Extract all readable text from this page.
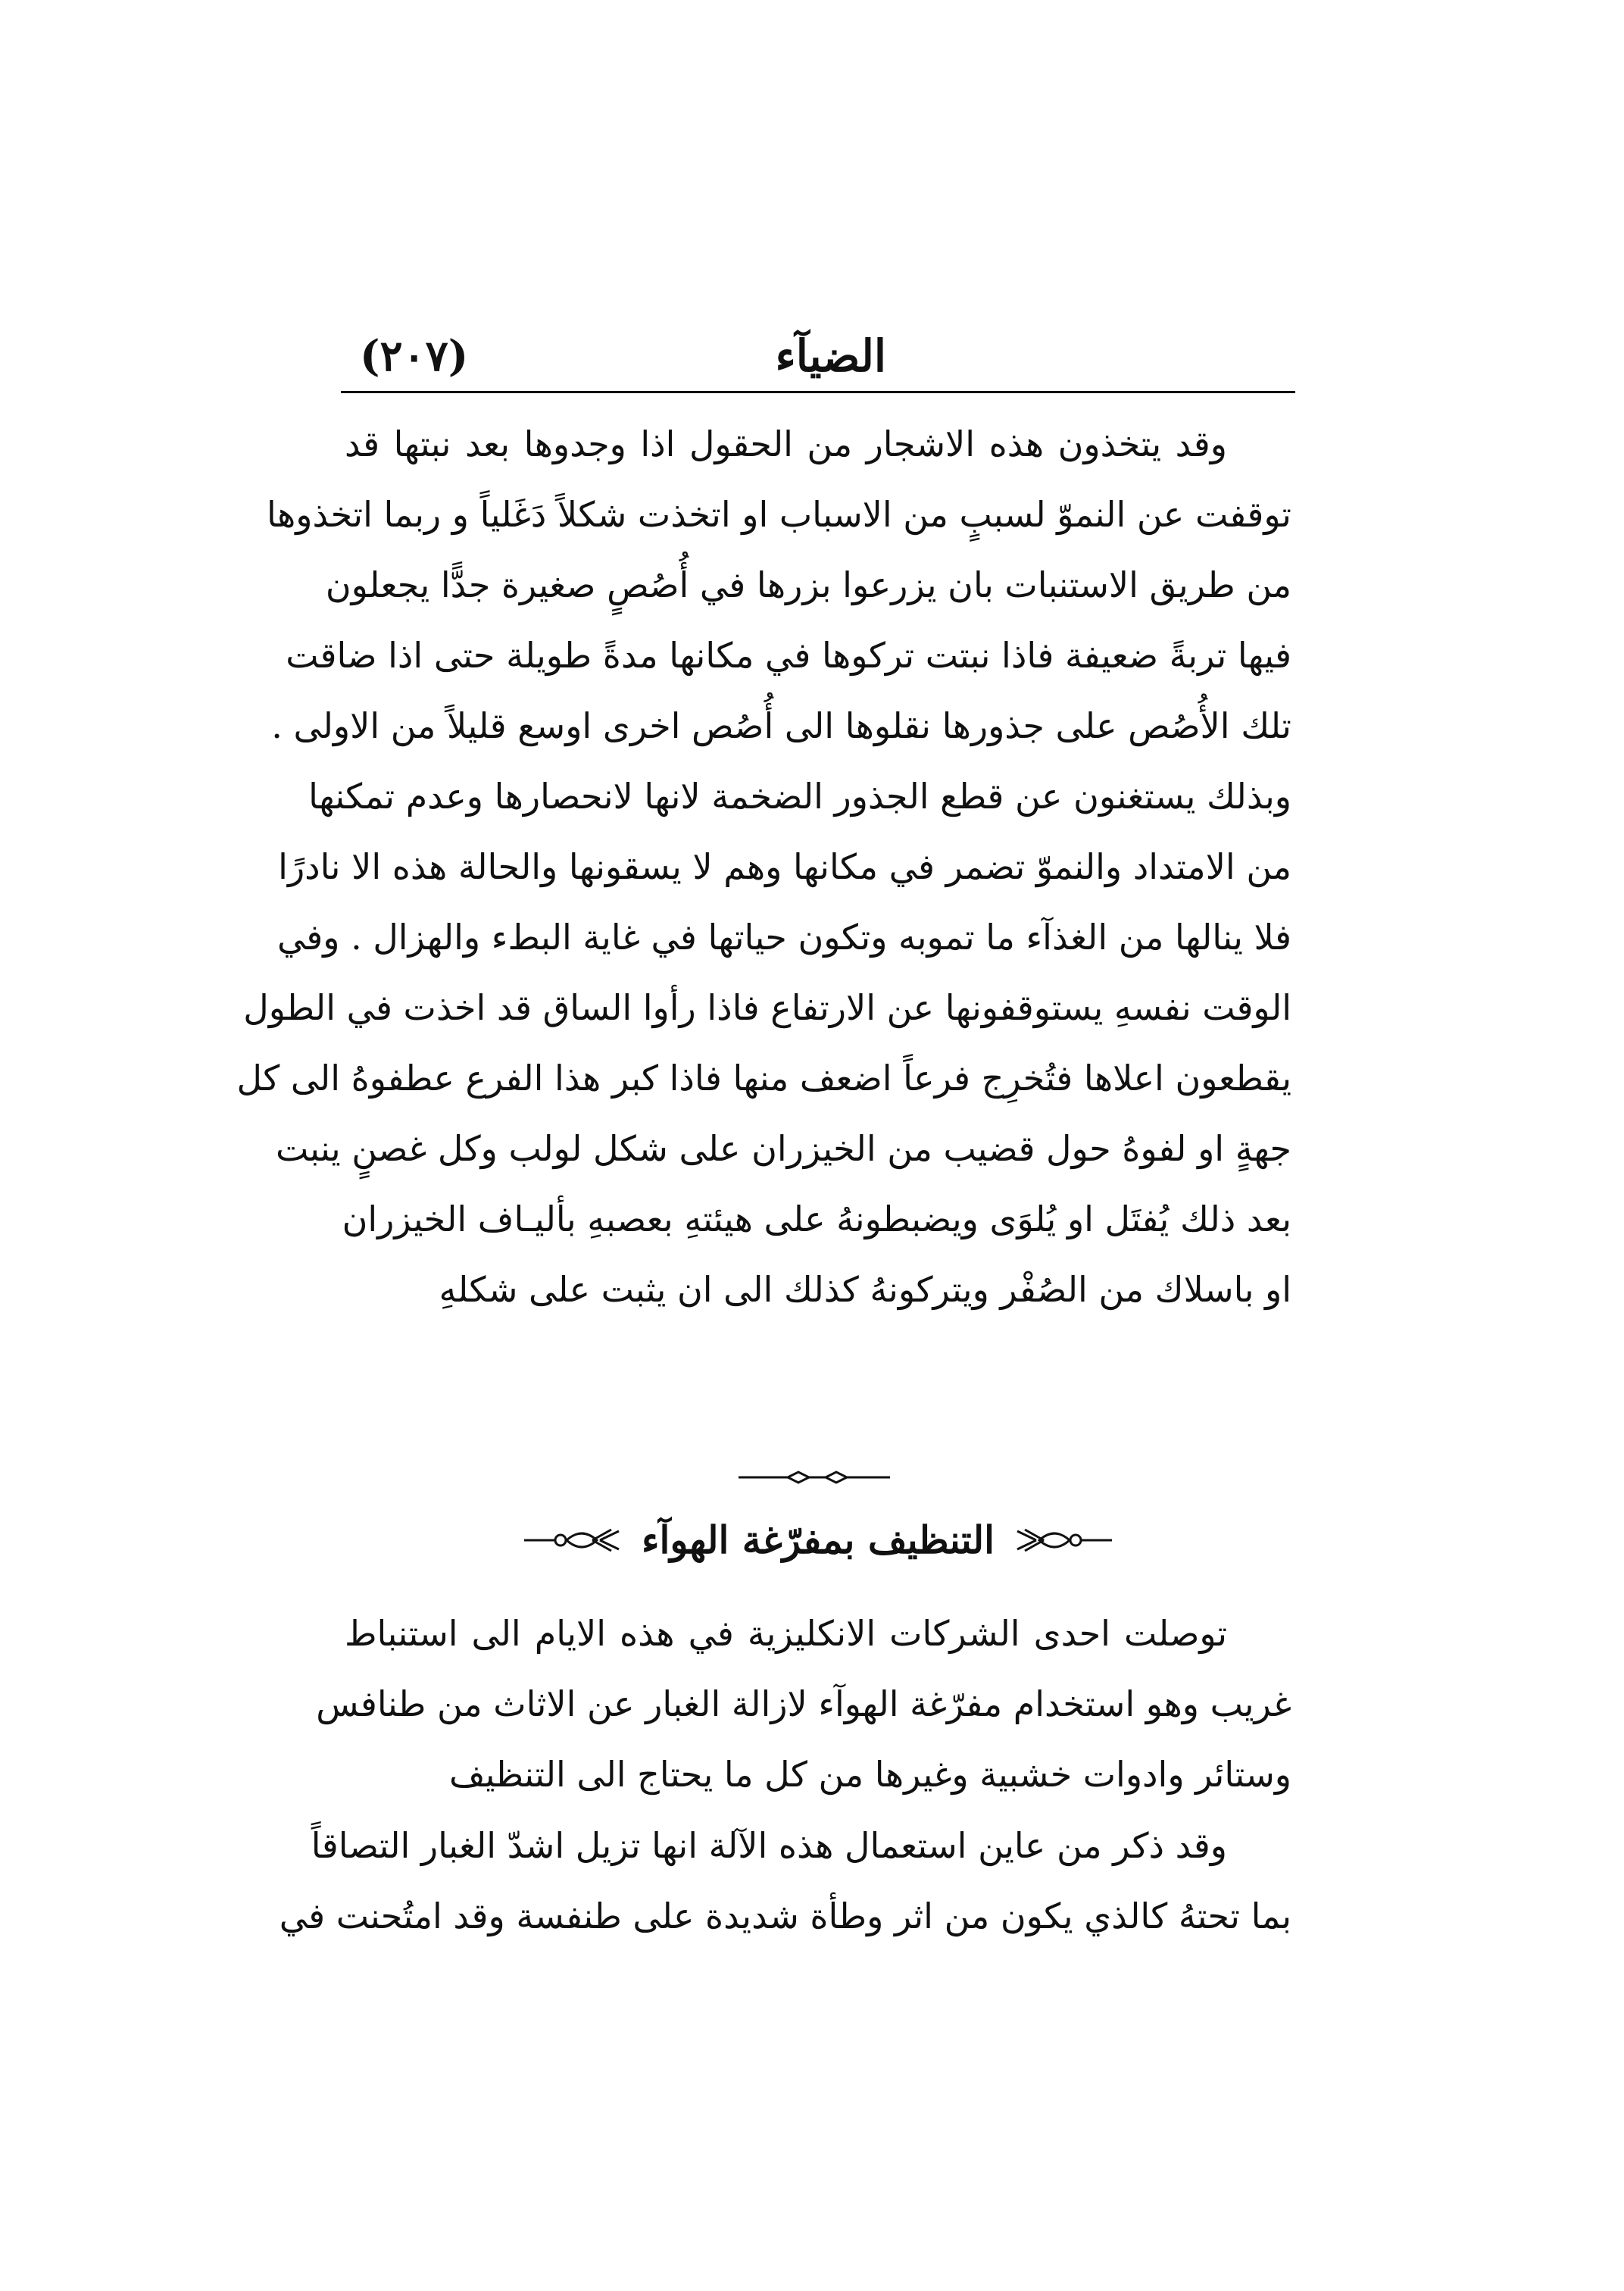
الضيآء
(٢٠٧)
وقد يتخذون هذه الاشجار من الحقول اذا وجدوها بعد نبتها قد
توقفت عن النموّ لسببٍ من الاسباب او اتخذت شكلاً دَغَلياً و ربما اتخذوها
من طريق الاستنبات بان يزرعوا بزرها في أُصُصٍ صغيرة جدًّا يجعلون
فيها تربةً ضعيفة فاذا نبتت تركوها في مكانها مدةً طويلة حتى اذا ضاقت
تلك الأُصُص على جذورها نقلوها الى أُصُص اخرى اوسع قليلاً من الاولى .
وبذلك يستغنون عن قطع الجذور الضخمة لانها لانحصارها وعدم تمكنها
من الامتداد والنموّ تضمر في مكانها وهم لا يسقونها والحالة هذه الا نادرًا
فلا ينالها من الغذآء ما تموبه وتكون حياتها في غاية البطء والهزال . وفي
الوقت نفسهِ يستوقفونها عن الارتفاع فاذا رأوا الساق قد اخذت في الطول
يقطعون اعلاها فتُخرِج فرعاً اضعف منها فاذا كبر هذا الفرع عطفوهُ الى كل
جهةٍ او لفوهُ حول قضيب من الخيزران على شكل لولب وكل غصنٍ ينبت
بعد ذلك يُفتَل او يُلوَى ويضبطونهُ على هيئتهِ بعصبهِ بأليـاف الخيزران
او باسلاك من الصُفْر ويتركونهُ كذلك الى ان يثبت على شكلهِ
التنظيف بمفرّغة الهوآء
توصلت احدى الشركات الانكليزية في هذه الايام الى استنباط
غريب وهو استخدام مفرّغة الهوآء لازالة الغبار عن الاثاث من طنافس
وستائر وادوات خشبية وغيرها من كل ما يحتاج الى التنظيف
وقد ذكر من عاين استعمال هذه الآلة انها تزيل اشدّ الغبار التصاقاً
بما تحتهُ كالذي يكون من اثر وطأة شديدة على طنفسة وقد امتُحنت في
